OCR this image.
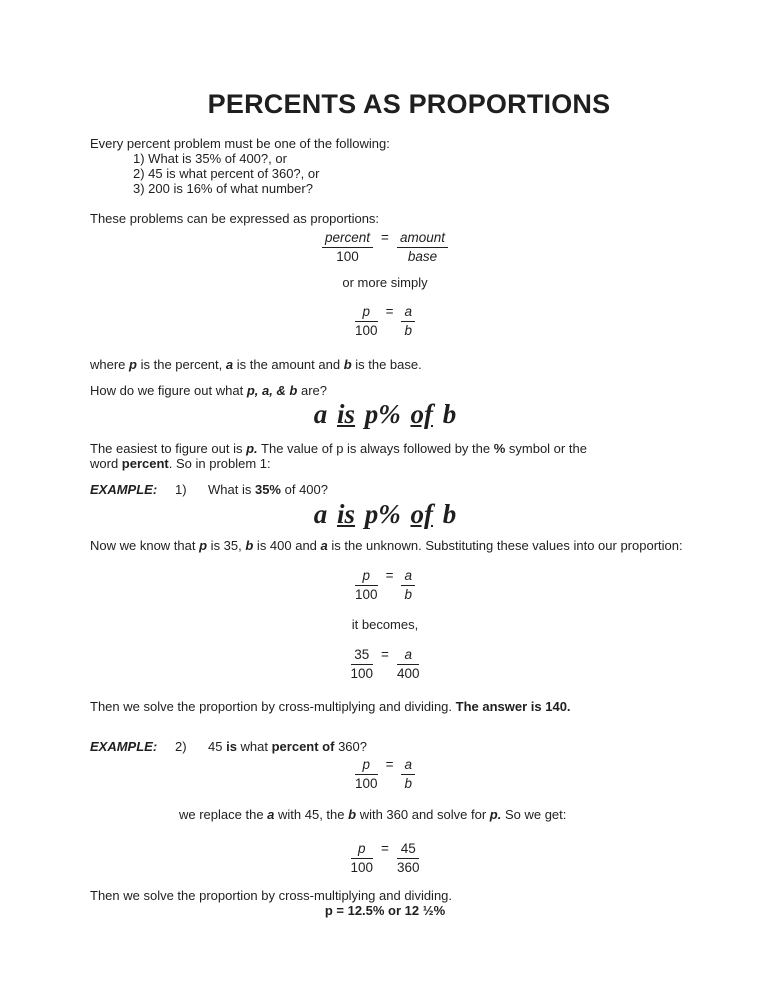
PERCENTS AS PROPORTIONS
Every percent problem must be one of the following:
1) What is 35% of 400?, or
2) 45 is what percent of 360?, or
3) 200 is 16% of what number?
These problems can be expressed as proportions:
$\frac{\text{percent}}{100} = \frac{\text{amount}}{\text{base}}$
or more simply
$\frac{p}{100} = \frac{a}{b}$
where p is the percent, a is the amount and b is the base.
How do we figure out what p, a, & b are?
a is p% of b
The easiest to figure out is p. The value of p is always followed by the % symbol or the
word percent. So in problem 1:
EXAMPLE: 1) What is 35% of 400?
a is p% of b
Now we know that p is 35, b is 400 and a is the unknown. Substituting these values into our proportion:
$\frac{p}{100} = \frac{a}{b}$
it becomes,
$\frac{35}{100} = \frac{a}{400}$
Then we solve the proportion by cross-multiplying and dividing. The answer is 140.
EXAMPLE: 2) 45 is what percent of 360?
$\frac{p}{100} = \frac{a}{b}$
we replace the a with 45, the b with 360 and solve for p. So we get:
$\frac{p}{100} = \frac{45}{360}$
Then we solve the proportion by cross-multiplying and dividing.
p = 12.5% or 12 ½%
